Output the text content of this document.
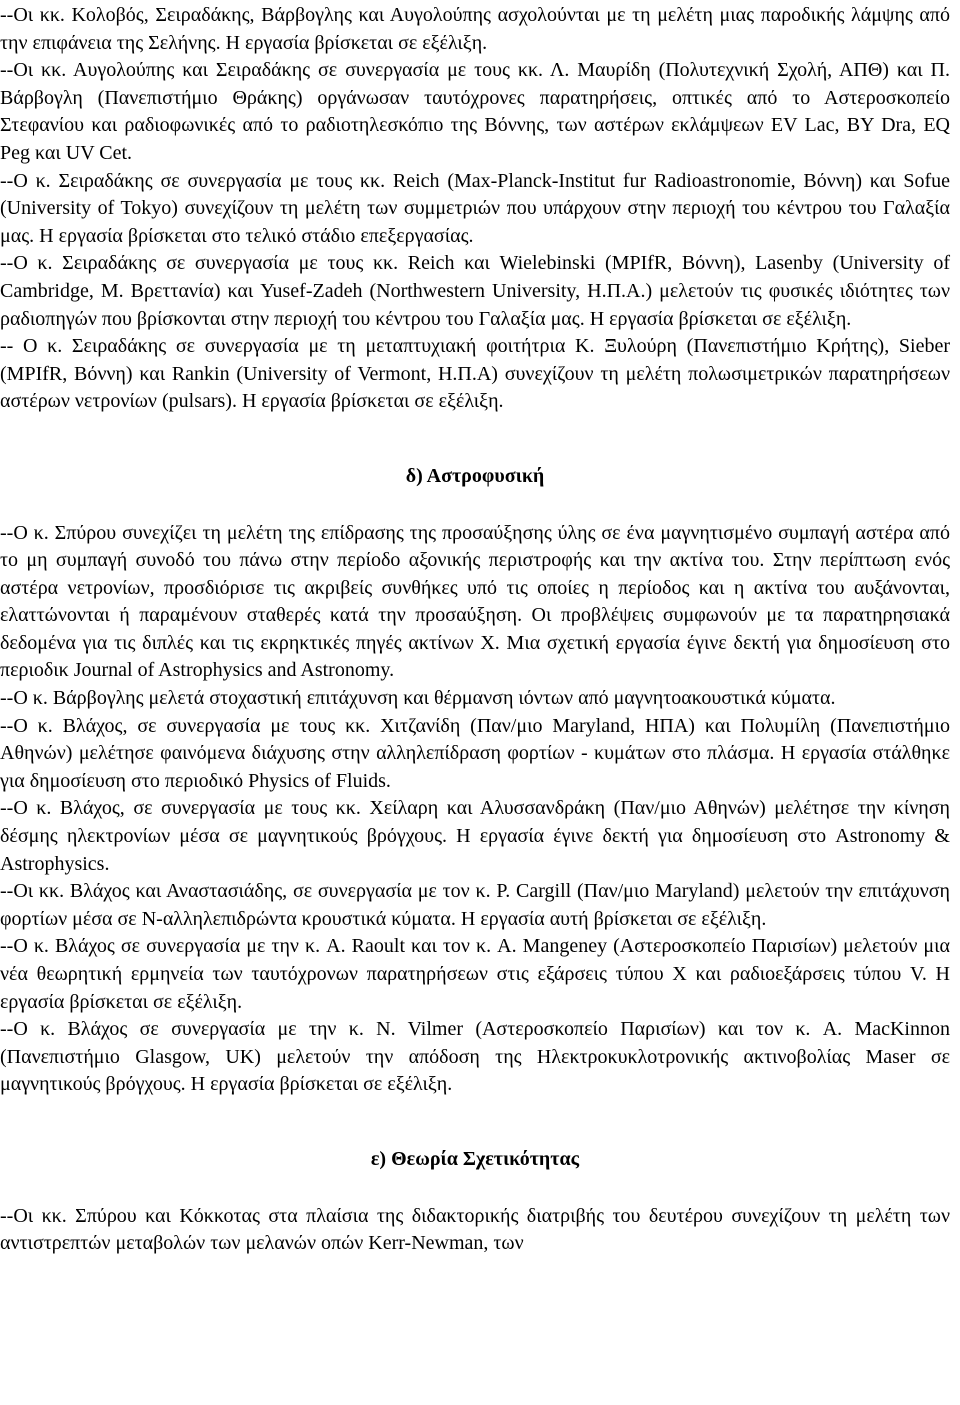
--Οι κκ. Κολοβός, Σειραδάκης, Βάρβογλης και Αυγολούπης ασχολούνται με τη μελέτη μιας παροδικής λάμψης από την επιφάνεια της Σελήνης. Η εργασία βρίσκεται σε εξέλιξη.

--Οι κκ. Αυγολούπης και Σειραδάκης σε συνεργασία με τους κκ. Λ. Μαυρίδη (Πολυτεχνική Σχολή, ΑΠΘ) και Π. Βάρβογλη (Πανεπιστήμιο Θράκης) οργάνωσαν ταυτόχρονες παρατηρήσεις, οπτικές από το Αστεροσκοπείο Στεφανίου και ραδιοφωνικές από το ραδιοτηλεσκόπιο της Βόννης, των αστέρων εκλάμψεων EV Lac, BY Dra, EQ Peg και UV Cet.

--Ο κ. Σειραδάκης σε συνεργασία με τους κκ. Reich (Max-Planck-Institut fur Radioastronomie, Βόννη) και Sofue (University of Tokyo) συνεχίζουν τη μελέτη των συμμετριών που υπάρχουν στην περιοχή του κέντρου του Γαλαξία μας. Η εργασία βρίσκεται στο τελικό στάδιο επεξεργασίας.

--Ο κ. Σειραδάκης σε συνεργασία με τους κκ. Reich και Wielebinski (MPIfR, Βόννη), Lasenby (University of Cambridge, Μ. Βρεττανία) και Yusef-Zadeh (Northwestern University, Η.Π.Α.) μελετούν τις φυσικές ιδιότητες των ραδιοπηγών που βρίσκονται στην περιοχή του κέντρου του Γαλαξία μας. Η εργασία βρίσκεται σε εξέλιξη.

-- Ο κ. Σειραδάκης σε συνεργασία με τη μεταπτυχιακή φοιτήτρια Κ. Ξυλούρη (Πανεπιστήμιο Κρήτης), Sieber (MPIfR, Βόννη) και Rankin (University of Vermont, Η.Π.Α) συνεχίζουν τη μελέτη πολωσιμετρικών παρατηρήσεων αστέρων νετρονίων (pulsars). Η εργασία βρίσκεται σε εξέλιξη.

δ) Αστροφυσική

--Ο κ. Σπύρου συνεχίζει τη μελέτη της επίδρασης της προσαύξησης ύλης σε ένα μαγνητισμένο συμπαγή αστέρα από το μη συμπαγή συνοδό του πάνω στην περίοδο αξονικής περιστροφής και την ακτίνα του. Στην περίπτωση ενός αστέρα νετρονίων, προσδιόρισε τις ακριβείς συνθήκες υπό τις οποίες η περίοδος και η ακτίνα του αυξάνονται, ελαττώνονται ή παραμένουν σταθερές κατά την προσαύξηση. Οι προβλέψεις συμφωνούν με τα παρατηρησιακά δεδομένα για τις διπλές και τις εκρηκτικές πηγές ακτίνων Χ. Μια σχετική εργασία έγινε δεκτή για δημοσίευση στο περιοδικ Journal of Astrophysics and Astronomy.

--Ο κ. Βάρβογλης μελετά στοχαστική επιτάχυνση και θέρμανση ιόντων από μαγνητοακουστικά κύματα.

--Ο κ. Βλάχος, σε συνεργασία με τους κκ. Χιτζανίδη (Παν/μιο Maryland, ΗΠΑ) και Πολυμίλη (Πανεπιστήμιο Αθηνών) μελέτησε φαινόμενα διάχυσης στην αλληλεπίδραση φορτίων - κυμάτων στο πλάσμα. Η εργασία στάλθηκε για δημοσίευση στο περιοδικό Physics of Fluids.

--Ο κ. Βλάχος, σε συνεργασία με τους κκ. Χείλαρη και Αλυσσανδράκη (Παν/μιο Αθηνών) μελέτησε την κίνηση δέσμης ηλεκτρονίων μέσα σε μαγνητικούς βρόγχους. Η εργασία έγινε δεκτή για δημοσίευση στο Astronomy & Astrophysics.

--Οι κκ. Βλάχος και Αναστασιάδης, σε συνεργασία με τον κ. P. Cargill (Παν/μιο Maryland) μελετούν την επιτάχυνση φορτίων μέσα σε N-αλληλεπιδρώντα κρουστικά κύματα. Η εργασία αυτή βρίσκεται σε εξέλιξη.

--Ο κ. Βλάχος σε συνεργασία με την κ. A. Raoult και τον κ. A. Mangeney (Αστεροσκοπείο Παρισίων) μελετούν μια νέα θεωρητική ερμηνεία των ταυτόχρονων παρατηρήσεων στις εξάρσεις τύπου X και ραδιοεξάρσεις τύπου V. Η εργασία βρίσκεται σε εξέλιξη.

--Ο κ. Βλάχος σε συνεργασία με την κ. N. Vilmer (Αστεροσκοπείο Παρισίων) και τον κ. A. MacKinnon (Πανεπιστήμιο Glasgow, UK) μελετούν την απόδοση της Ηλεκτροκυκλοτρονικής ακτινοβολίας Maser σε μαγνητικούς βρόγχους. Η εργασία βρίσκεται σε εξέλιξη.

ε) Θεωρία Σχετικότητας

--Οι κκ. Σπύρου και Κόκκοτας στα πλαίσια της διδακτορικής διατριβής του δευτέρου συνεχίζουν τη μελέτη των αντιστρεπτών μεταβολών των μελανών οπών Kerr-Newman, των
